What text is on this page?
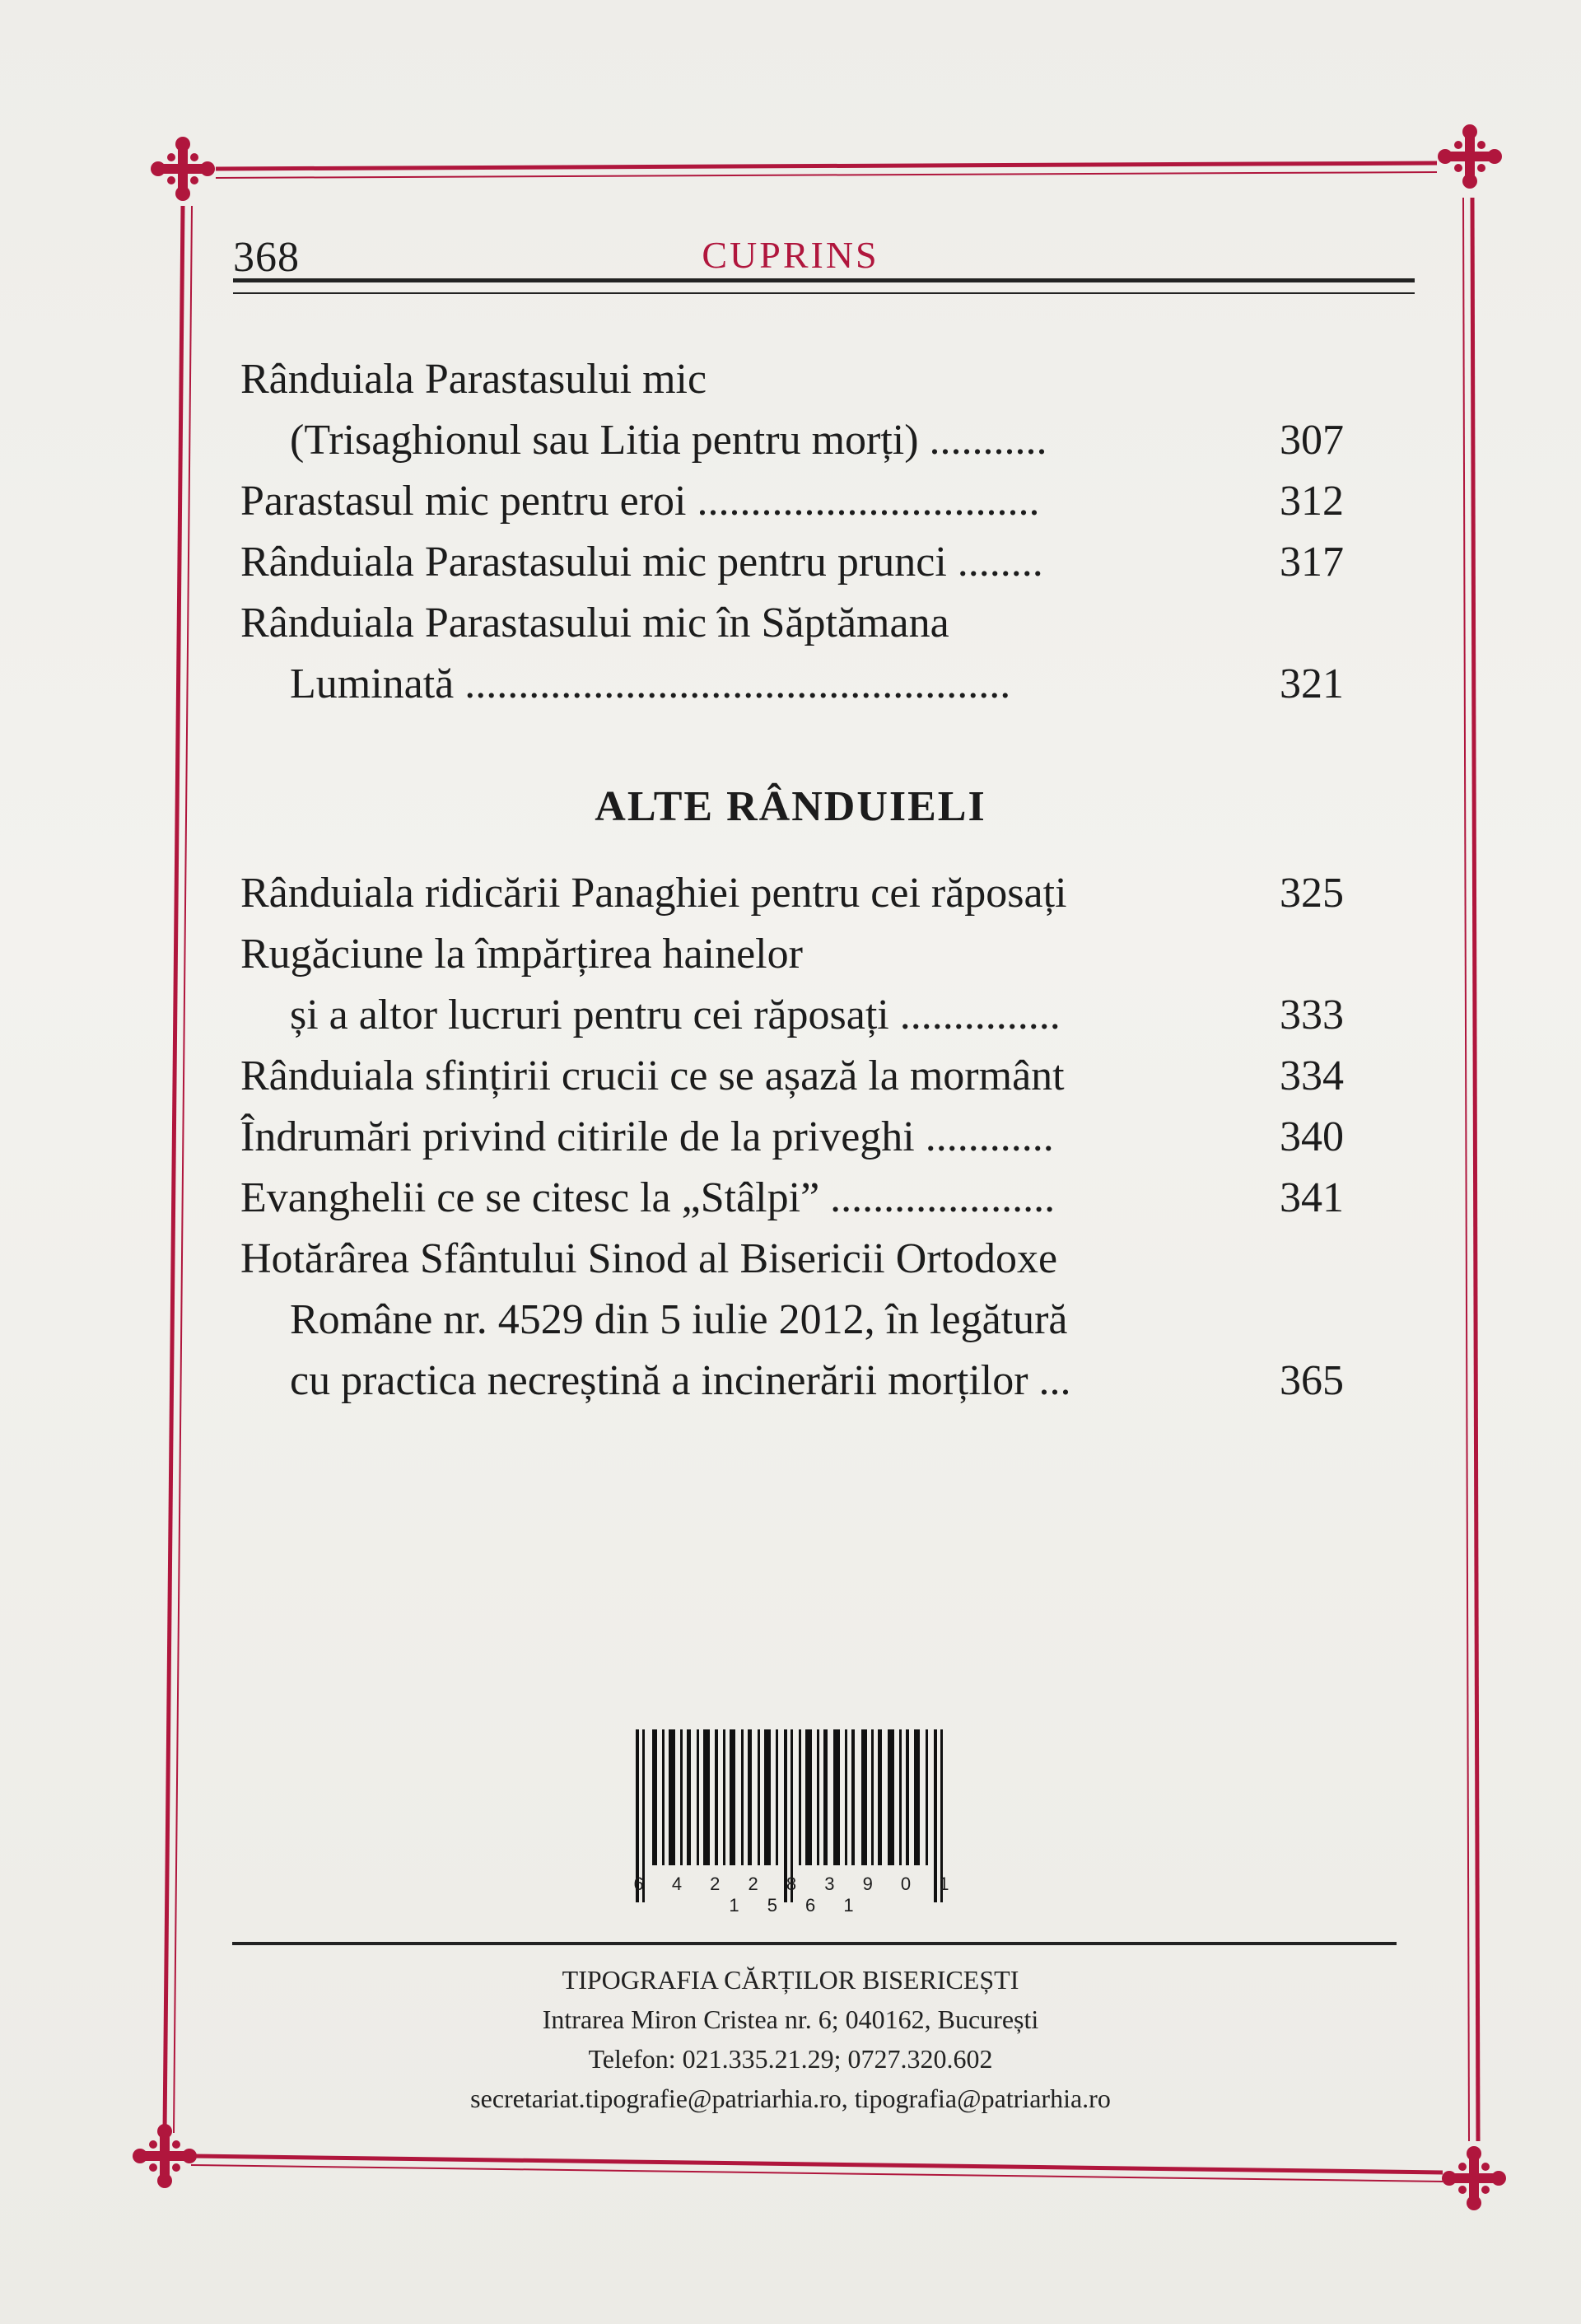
368	CUPRINS
Rânduiala Parastasului mic
(Trisaghionul sau Litia pentru morți) ...........	307
Parastasul mic pentru eroi ................................	312
Rânduiala Parastasului mic pentru prunci ........	317
Rânduiala Parastasului mic în Săptămana
Luminată ...................................................	321
ALTE RÂNDUIELI
Rânduiala ridicării Panaghiei pentru cei răposați	325
Rugăciune la împărțirea hainelor
și a altor lucruri pentru cei răposați ...............	333
Rânduiala sfințirii crucii ce se așază la mormânt	334
Îndrumări privind citirile de la priveghi ............	340
Evanghelii ce se citesc la „Stâlpi” .....................	341
Hotărârea Sfântului Sinod al Bisericii Ortodoxe
Române nr. 4529 din 5 iulie 2012, în legătură
cu practica necreștină a incinerării morților ...	365
6 4 2 2 8 3 9 0 1 1 5 6 1
TIPOGRAFIA CĂRȚILOR BISERICEȘTI
Intrarea Miron Cristea nr. 6; 040162, București
Telefon: 021.335.21.29; 0727.320.602
secretariat.tipografie@patriarhia.ro, tipografia@patriarhia.ro
